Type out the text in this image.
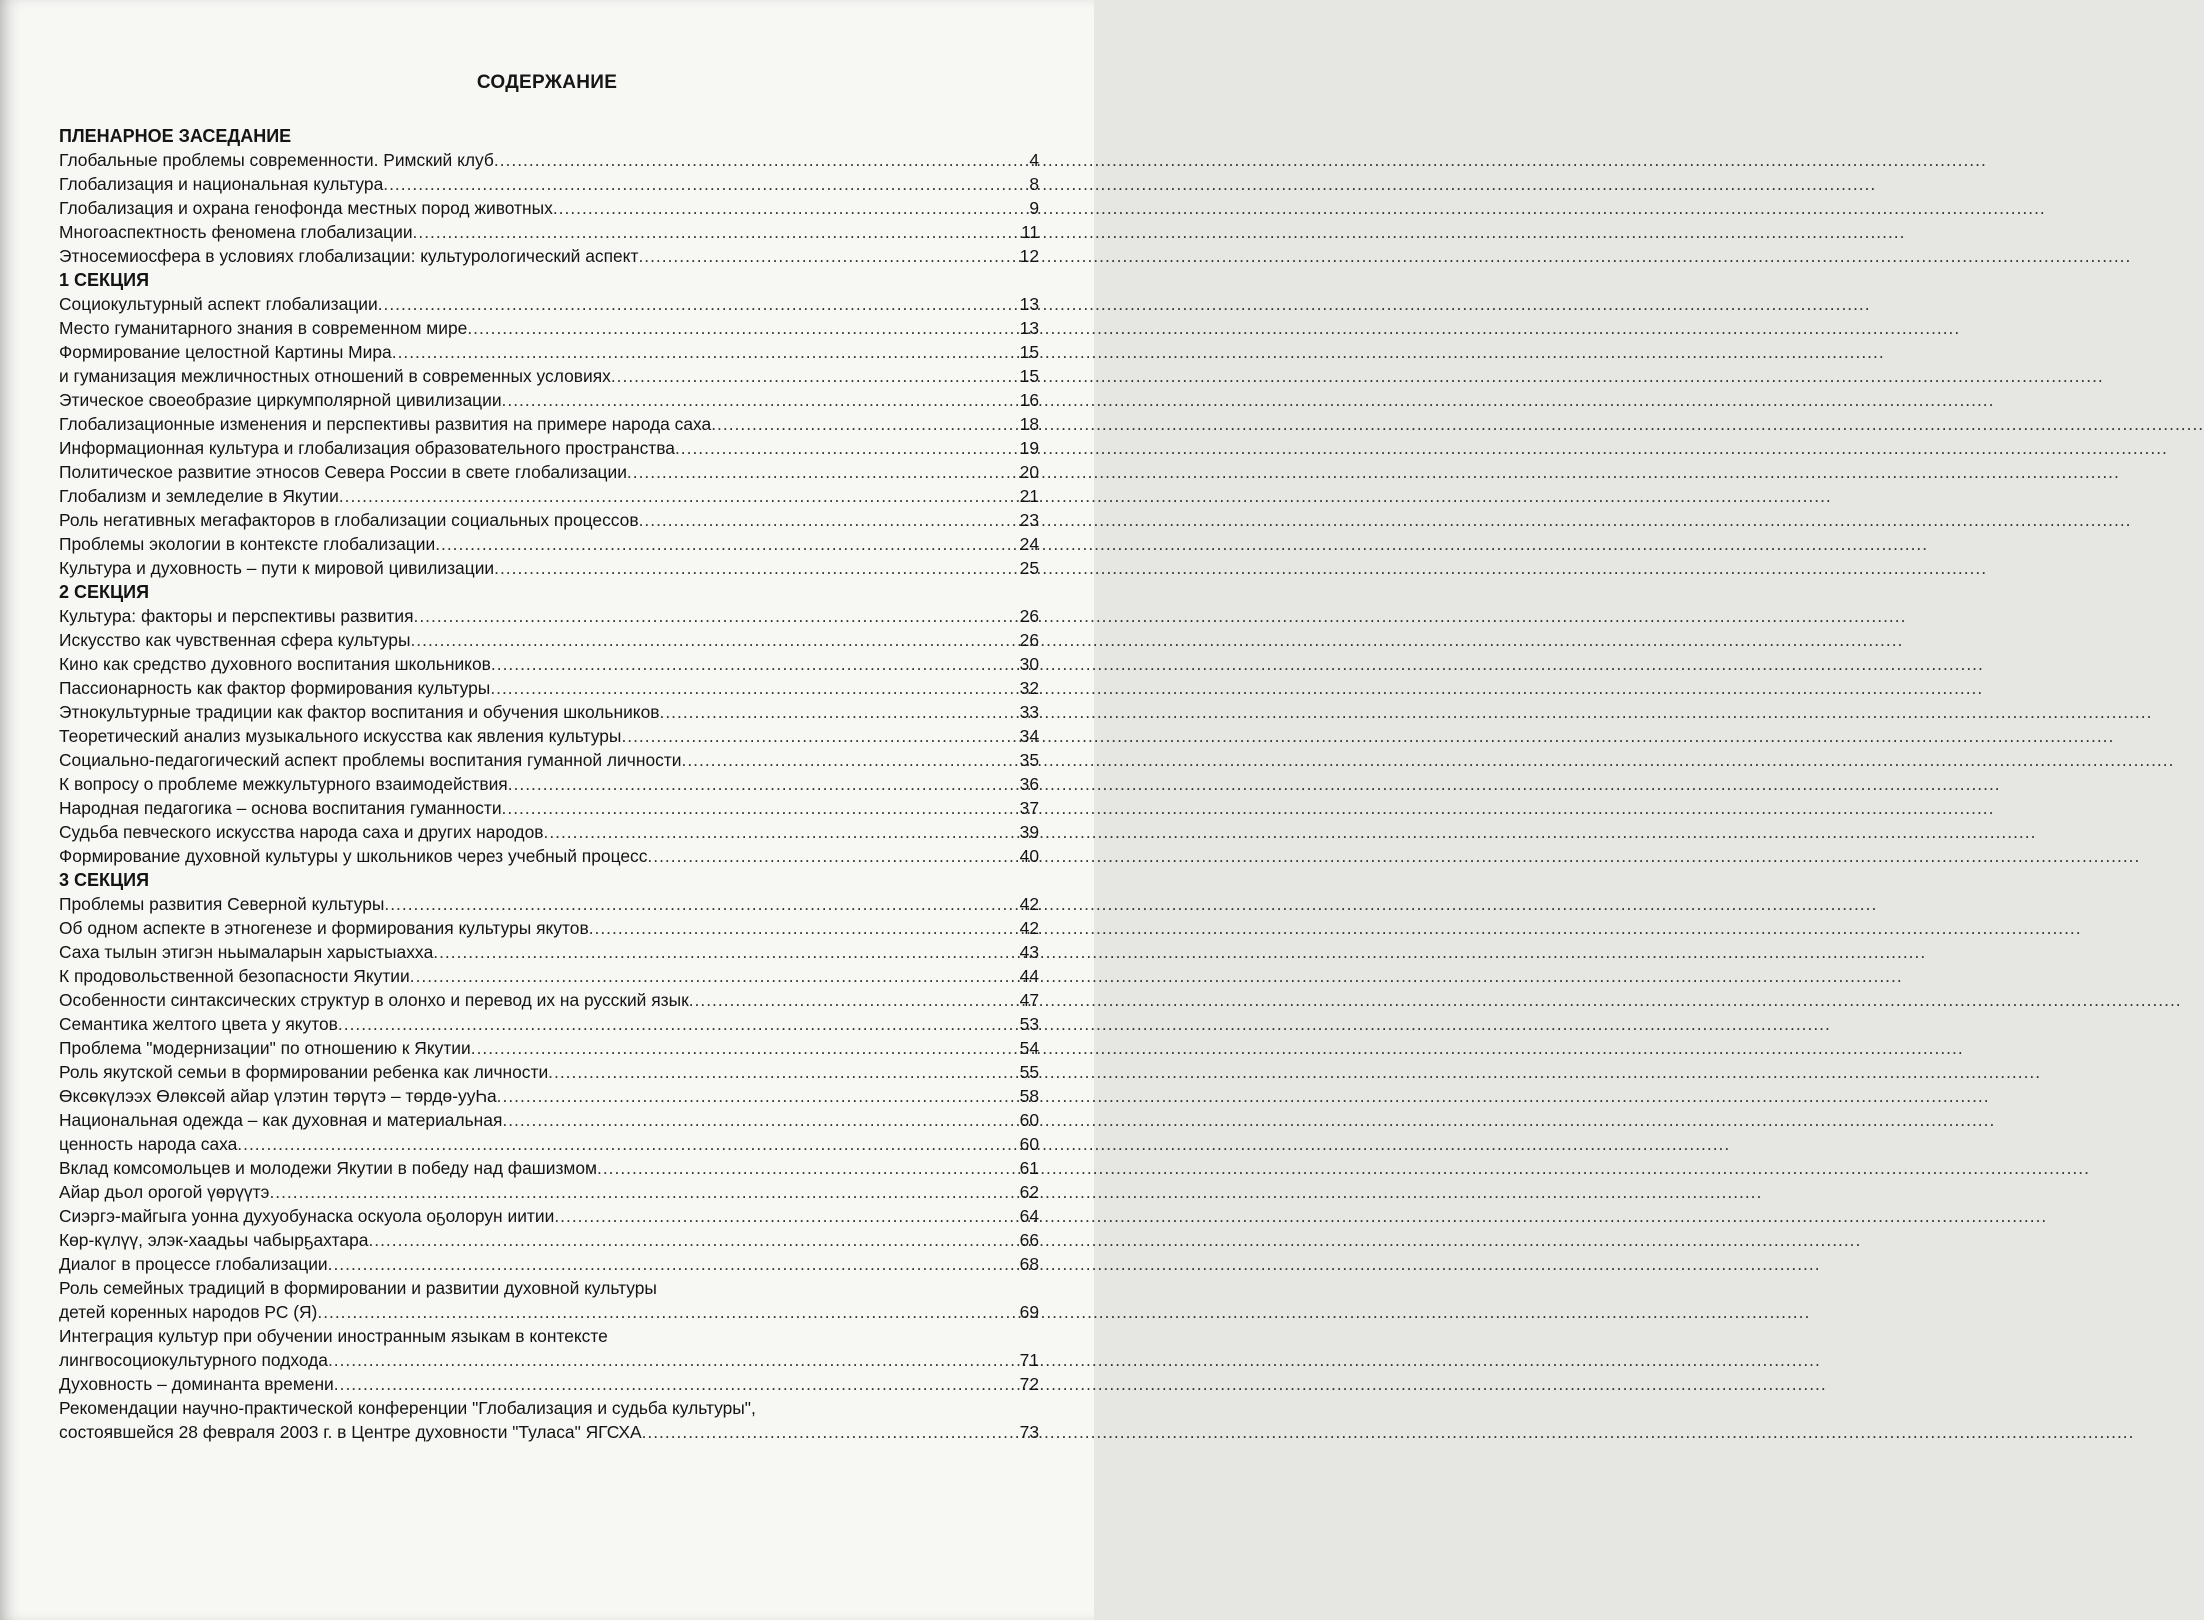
СОДЕРЖАНИЕ
ПЛЕНАРНОЕ ЗАСЕДАНИЕ
Глобальные проблемы современности. Римский клуб .....	4
Глобализация и национальная культура .....	8
Глобализация и охрана генофонда местных пород животных .....	9
Многоаспектность феномена глобализации .....	11
Этносемиосфера в условиях глобализации: культурологический аспект .....	12
1 СЕКЦИЯ
Социокультурный аспект глобализации .....	13
Место гуманитарного знания в современном мире .....	13
Формирование целостной Картины Мира .....	15
и гуманизация межличностных отношений в современных условиях .....	15
Этическое своеобразие циркумполярной цивилизации .....	16
Глобализационные изменения и перспективы развития на примере народа саха .....	18
Информационная культура и глобализация образовательного пространства .....	19
Политическое развитие этносов Севера России в свете глобализации .....	20
Глобализм и земледелие в Якутии .....	21
Роль негативных мегафакторов в глобализации социальных процессов .....	23
Проблемы экологии в контексте глобализации .....	24
Культура и духовность – пути к мировой цивилизации .....	25
2 СЕКЦИЯ
Культура: факторы и перспективы развития .....	26
Искусство как чувственная сфера культуры .....	26
Кино как средство духовного воспитания школьников .....	30
Пассионарность как фактор формирования культуры .....	32
Этнокультурные традиции как фактор воспитания и обучения школьников .....	33
Теоретический анализ музыкального искусства как явления культуры .....	34
Социально-педагогический аспект проблемы воспитания гуманной личности .....	35
К вопросу о проблеме межкультурного взаимодействия .....	36
Народная педагогика – основа воспитания гуманности .....	37
Судьба певческого искусства народа саха и других народов .....	39
Формирование духовной культуры у школьников через учебный процесс .....	40
3 СЕКЦИЯ
Проблемы развития Северной культуры .....	42
Об одном аспекте в этногенезе и формирования культуры якутов .....	42
Саха тылын этигэн ньымаларын харыстыаххa .....	43
К продовольственной безопасности Якутии .....	44
Особенности синтаксических структур в олонхо и перевод их на русский язык .....	47
Семантика желтого цвета у якутов .....	53
Проблема "модернизации" по отношению к Якутии .....	54
Роль якутской семьи в формировании ребенка как личности .....	55
Өксөкүлээх Өлөксөй айар үлэтин төрүтэ – төрдө-ууҺа .....	58
Национальная одежда – как духовная и материальная .....	60
ценность народа саха .....	60
Вклад комсомольцев и молодежи Якутии в победу над фашизмом .....	61
Айар дьол орогой үөрүүтэ .....	62
Сиэргэ-майгыга уонна духуобунаска оскуола оҕолорун иитии .....	64
Көр-күлүү, элэк-хаадьы чабырҕахтара .....	66
Диалог в процессе глобализации .....	68
Роль семейных традиций в формировании и развитии духовной культуры
детей коренных народов РС (Я) .....	69
Интеграция культур при обучении иностранным языкам в контексте
лингвосоциокультурного подхода .....	71
Духовность – доминанта времени .....	72
Рекомендации научно-практической конференции "Глобализация и судьба культуры",
состоявшейся 28 февраля 2003 г. в Центре духовности "Туласа" ЯГСХА .....	73
